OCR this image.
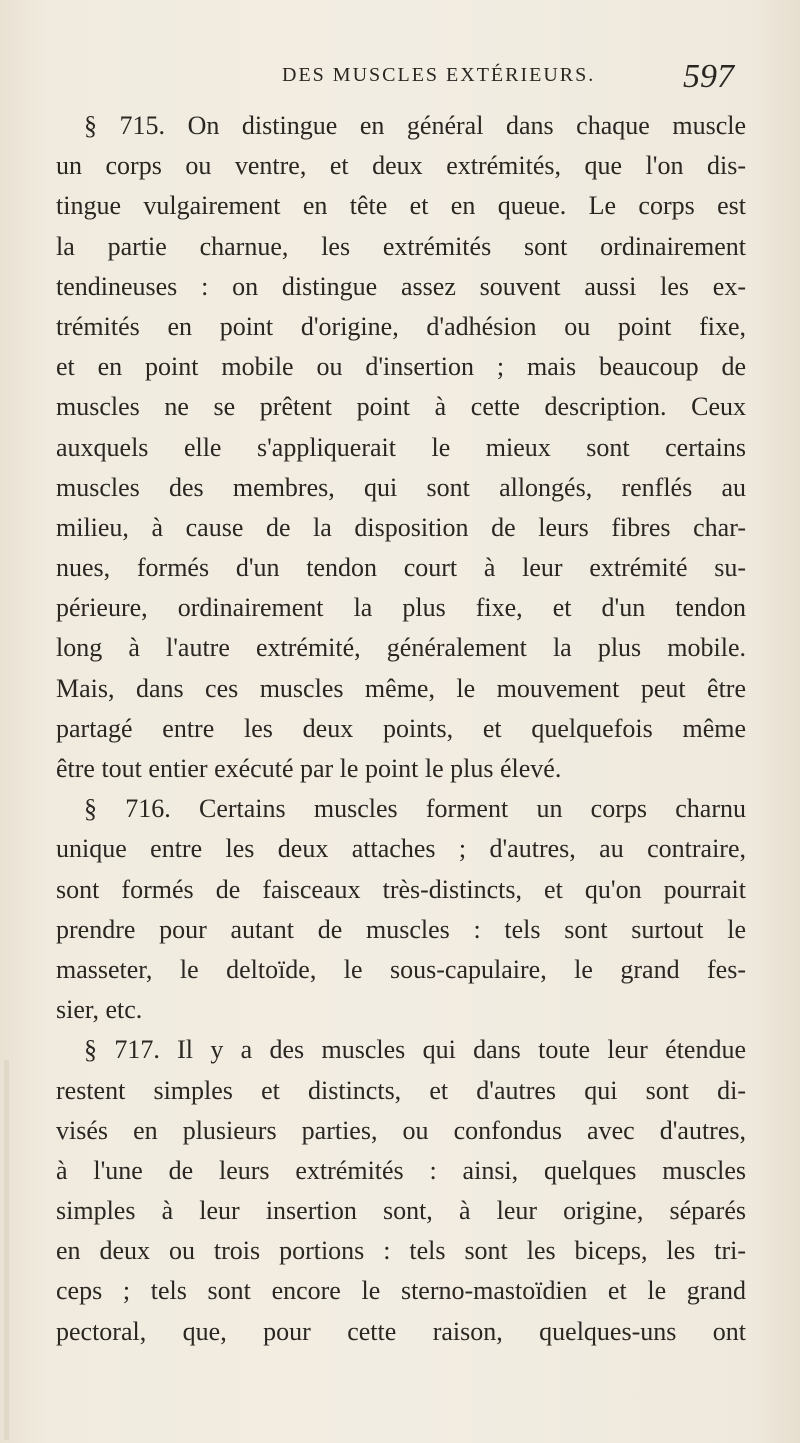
DES MUSCLES EXTÉRIEURS.	597
§ 715. On distingue en général dans chaque muscle
un corps ou ventre, et deux extrémités, que l'on dis-
tingue vulgairement en tête et en queue. Le corps est
la partie charnue, les extrémités sont ordinairement
tendineuses : on distingue assez souvent aussi les ex-
trémités en point d'origine, d'adhésion ou point fixe,
et en point mobile ou d'insertion ; mais beaucoup de
muscles ne se prêtent point à cette description. Ceux
auxquels elle s'appliquerait le mieux sont certains
muscles des membres, qui sont allongés, renflés au
milieu, à cause de la disposition de leurs fibres char-
nues, formés d'un tendon court à leur extrémité su-
périeure, ordinairement la plus fixe, et d'un tendon
long à l'autre extrémité, généralement la plus mobile.
Mais, dans ces muscles même, le mouvement peut être
partagé entre les deux points, et quelquefois même
être tout entier exécuté par le point le plus élevé.
§ 716. Certains muscles forment un corps charnu
unique entre les deux attaches ; d'autres, au contraire,
sont formés de faisceaux très-distincts, et qu'on pourrait
prendre pour autant de muscles : tels sont surtout le
masseter, le deltoïde, le sous-capulaire, le grand fes-
sier, etc.
§ 717. Il y a des muscles qui dans toute leur étendue
restent simples et distincts, et d'autres qui sont di-
visés en plusieurs parties, ou confondus avec d'autres,
à l'une de leurs extrémités : ainsi, quelques muscles
simples à leur insertion sont, à leur origine, séparés
en deux ou trois portions : tels sont les biceps, les tri-
ceps ; tels sont encore le sterno-mastoïdien et le grand
pectoral, que, pour cette raison, quelques-uns ont
